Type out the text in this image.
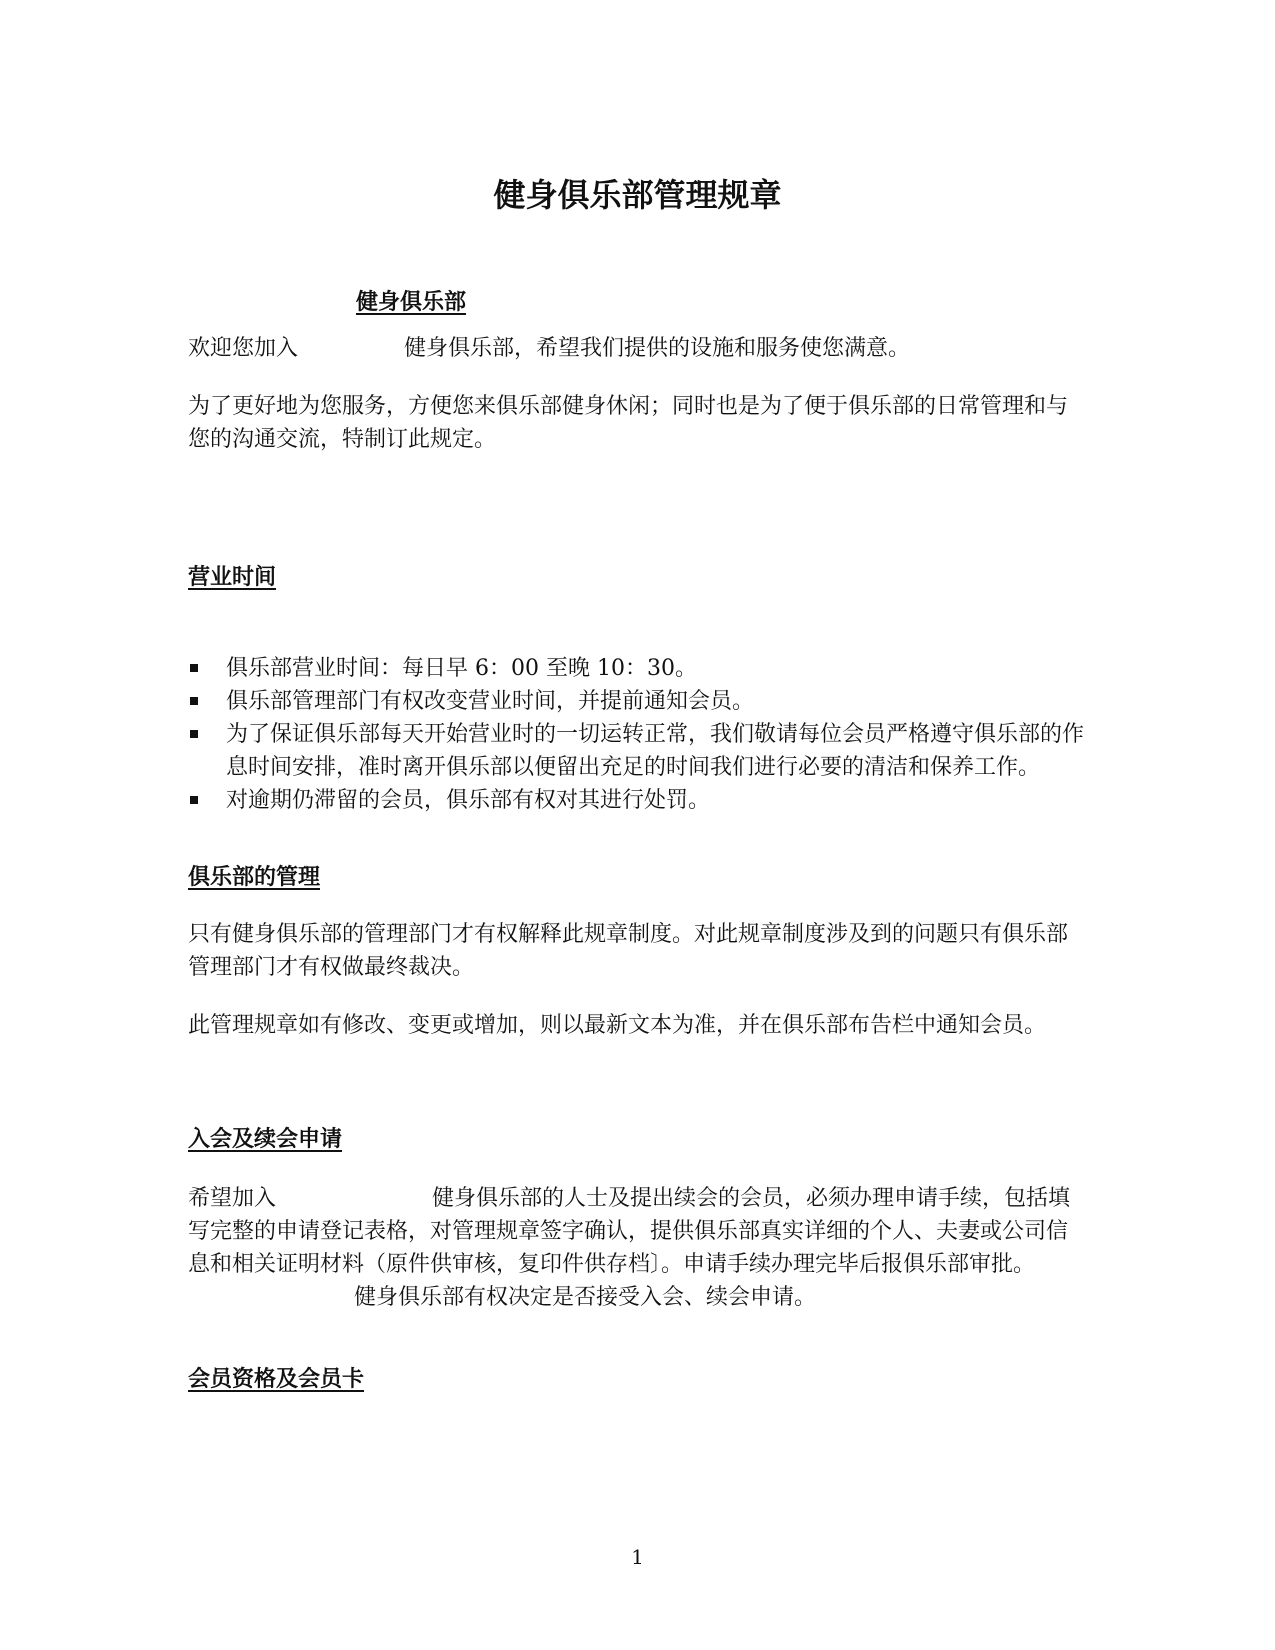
健身俱乐部管理规章
健身俱乐部
欢迎您加入	健身俱乐部，希望我们提供的设施和服务使您满意。
为了更好地为您服务，方便您来俱乐部健身休闲；同时也是为了便于俱乐部的日常管理和与您的沟通交流，特制订此规定。
营业时间
俱乐部营业时间：每日早 6：00 至晚 10：30。
俱乐部管理部门有权改变营业时间，并提前通知会员。
为了保证俱乐部每天开始营业时的一切运转正常，我们敬请每位会员严格遵守俱乐部的作息时间安排，准时离开俱乐部以便留出充足的时间我们进行必要的清洁和保养工作。
对逾期仍滞留的会员，俱乐部有权对其进行处罚。
俱乐部的管理
只有健身俱乐部的管理部门才有权解释此规章制度。对此规章制度涉及到的问题只有俱乐部管理部门才有权做最终裁决。
此管理规章如有修改、变更或增加，则以最新文本为准，并在俱乐部布告栏中通知会员。
入会及续会申请
希望加入	健身俱乐部的人士及提出续会的会员，必须办理申请手续，包括填写完整的申请登记表格，对管理规章签字确认，提供俱乐部真实详细的个人、夫妻或公司信息和相关证明材料（原件供审核，复印件供存档〕。申请手续办理完毕后报俱乐部审批。健身俱乐部有权决定是否接受入会、续会申请。
会员资格及会员卡
1
